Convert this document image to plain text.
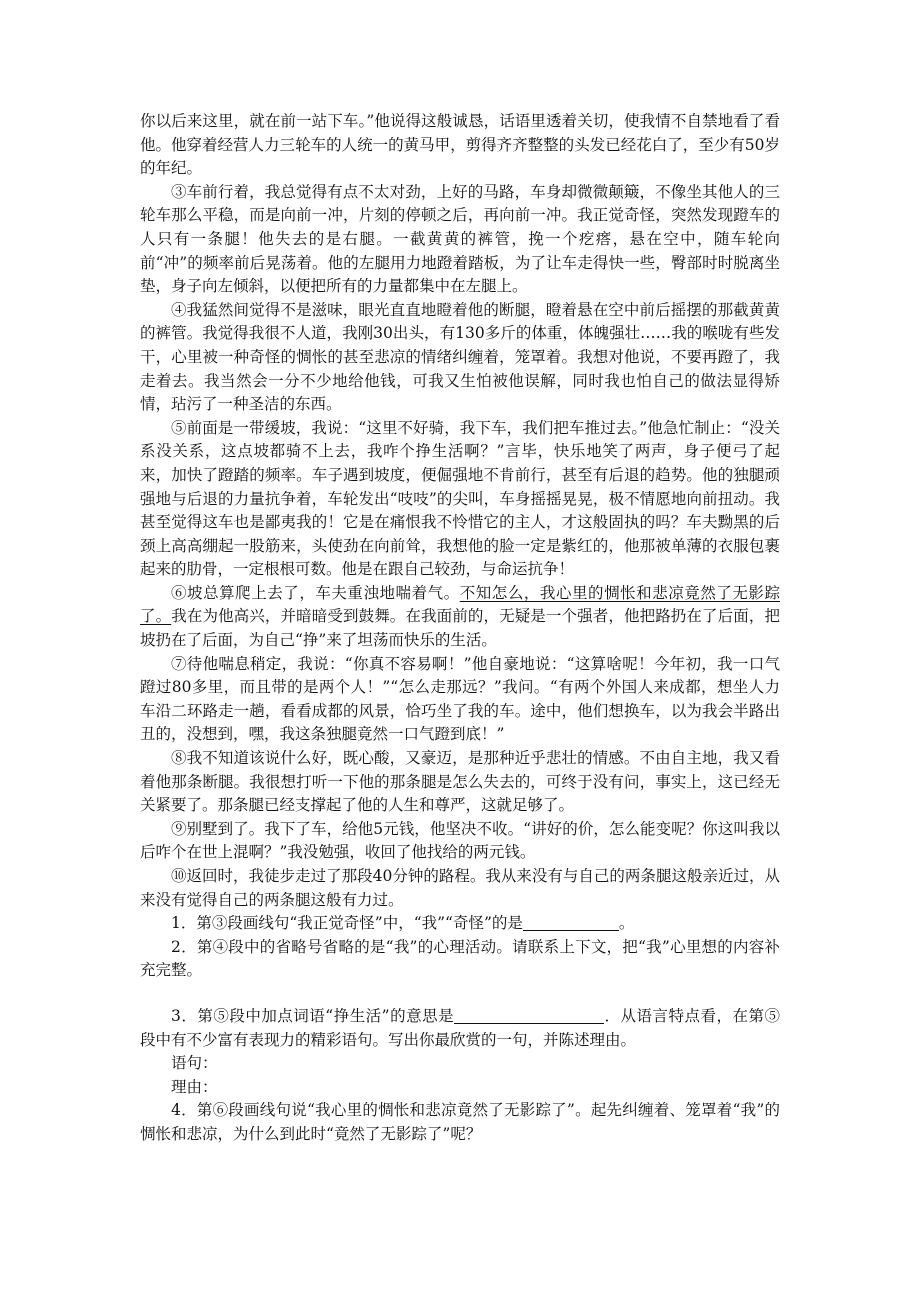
你以后来这里，就在前一站下车。”他说得这般诚恳，话语里透着关切，使我情不自禁地看了看他。他穿着经营人力三轮车的人统一的黄马甲，剪得齐齐整整的头发已经花白了，至少有50岁的年纪。

③车前行着，我总觉得有点不太对劲，上好的马路，车身却微微颠簸，不像坐其他人的三轮车那么平稳，而是向前一冲，片刻的停顿之后，再向前一冲。我正觉奇怪，突然发现蹬车的人只有一条腿！他失去的是右腿。一截黄黄的裤管，挽一个疙瘩，悬在空中，随车轮向前“冲”的频率前后晃荡着。他的左腿用力地蹬着踏板，为了让车走得快一些，臀部时时脱离坐垫，身子向左倾斜，以便把所有的力量都集中在左腿上。

④我猛然间觉得不是滋味，眼光直直地瞪着他的断腿，瞪着悬在空中前后摇摆的那截黄黄的裤管。我觉得我很不人道，我刚30出头，有130多斤的体重，体魄强壮……我的喉咙有些发干，心里被一种奇怪的惆怅的甚至悲凉的情绪纠缠着，笼罩着。我想对他说，不要再蹬了，我走着去。我当然会一分不少地给他钱，可我又生怕被他误解，同时我也怕自己的做法显得矫情，玷污了一种圣洁的东西。

⑤前面是一带缓坡，我说：“这里不好骑，我下车，我们把车推过去。”他急忙制止：“没关系没关系，这点坡都骑不上去，我咋个挣生活啊？”言毕，快乐地笑了两声，身子便弓了起来，加快了蹬踏的频率。车子遇到坡度，便倔强地不肯前行，甚至有后退的趋势。他的独腿顽强地与后退的力量抗争着，车轮发出“吱吱”的尖叫，车身摇摇晃晃，极不情愿地向前扭动。我甚至觉得这车也是鄙夷我的！它是在痛恨我不怜惜它的主人，才这般固执的吗？车夫黝黑的后颈上高高绷起一股筋来，头使劲在向前耸，我想他的脸一定是紫红的，他那被单薄的衣服包裹起来的肋骨，一定根根可数。他是在跟自己较劲，与命运抗争！

⑥坡总算爬上去了，车夫重浊地喘着气。不知怎么，我心里的惆怅和悲凉竟然了无影踪了。我在为他高兴，并暗暗受到鼓舞。在我面前的，无疑是一个强者，他把路扔在了后面，把坡扔在了后面，为自己“挣”来了坦荡而快乐的生活。

⑦待他喘息稍定，我说：“你真不容易啊！”他自豪地说：“这算啥呢！今年初，我一口气蹬过80多里，而且带的是两个人！”“怎么走那远？”我问。“有两个外国人来成都，想坐人力车沿二环路走一趟，看看成都的风景，恰巧坐了我的车。途中，他们想换车，以为我会半路出丑的，没想到，嘿，我这条独腿竟然一口气蹬到底！”

⑧我不知道该说什么好，既心酸，又豪迈，是那种近乎悲壮的情感。不由自主地，我又看着他那条断腿。我很想打听一下他的那条腿是怎么失去的，可终于没有问，事实上，这已经无关紧要了。那条腿已经支撑起了他的人生和尊严，这就足够了。

⑨别墅到了。我下了车，给他5元钱，他坚决不收。“讲好的价，怎么能变呢？你这叫我以后咋个在世上混啊？”我没勉强，收回了他找给的两元钱。

⑩返回时，我徒步走过了那段40分钟的路程。我从来没有与自己的两条腿这般亲近过，从来没有觉得自己的两条腿这般有力过。

1．第③段画线句“我正觉奇怪”中，“我”“奇怪”的是	。

2．第④段中的省略号省略的是“我”的心理活动。请联系上下文，把“我”心里想的内容补充完整。

3．第⑤段中加点词语“挣生活”的意思是	．从语言特点看，在第⑤段中有不少富有表现力的精彩语句。写出你最欣赏的一句，并陈述理由。

语句：

理由：

4．第⑥段画线句说“我心里的惆怅和悲凉竟然了无影踪了”。起先纠缠着、笼罩着“我”的惆怅和悲凉，为什么到此时“竟然了无影踪了”呢？
